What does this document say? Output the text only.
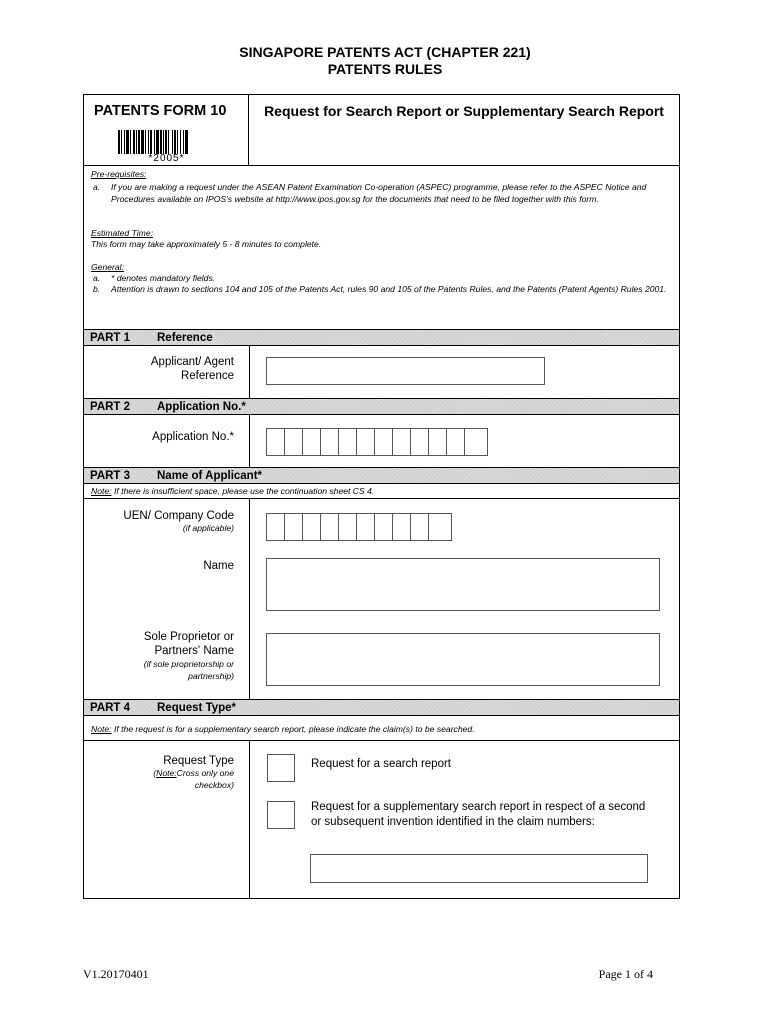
SINGAPORE PATENTS ACT (CHAPTER 221)
PATENTS RULES
PATENTS FORM 10
*2005*
Request for Search Report or Supplementary Search Report
Pre-requisites:
a. If you are making a request under the ASEAN Patent Examination Co-operation (ASPEC) programme, please refer to the ASPEC Notice and Procedures available on IPOS's website at http://www.ipos.gov.sg for the documents that need to be filed together with this form.
Estimated Time:
This form may take approximately 5 - 8 minutes to complete.
General:
a. * denotes mandatory fields.
b. Attention is drawn to sections 104 and 105 of the Patents Act, rules 90 and 105 of the Patents Rules, and the Patents (Patent Agents) Rules 2001.
PART 1 Reference
Applicant/ Agent
Reference
PART 2 Application No.*
Application No.*
PART 3 Name of Applicant*
Note: If there is insufficient space, please use the continuation sheet CS 4.
UEN/ Company Code
(if applicable)
Name
Sole Proprietor or
Partners' Name
(if sole proprietorship or
partnership)
PART 4 Request Type*
Note: If the request is for a supplementary search report, please indicate the claim(s) to be searched.
Request Type
(Note:Cross only one
checkbox)
Request for a search report
Request for a supplementary search report in respect of a second or subsequent invention identified in the claim numbers:
V1.20170401	Page 1 of 4
